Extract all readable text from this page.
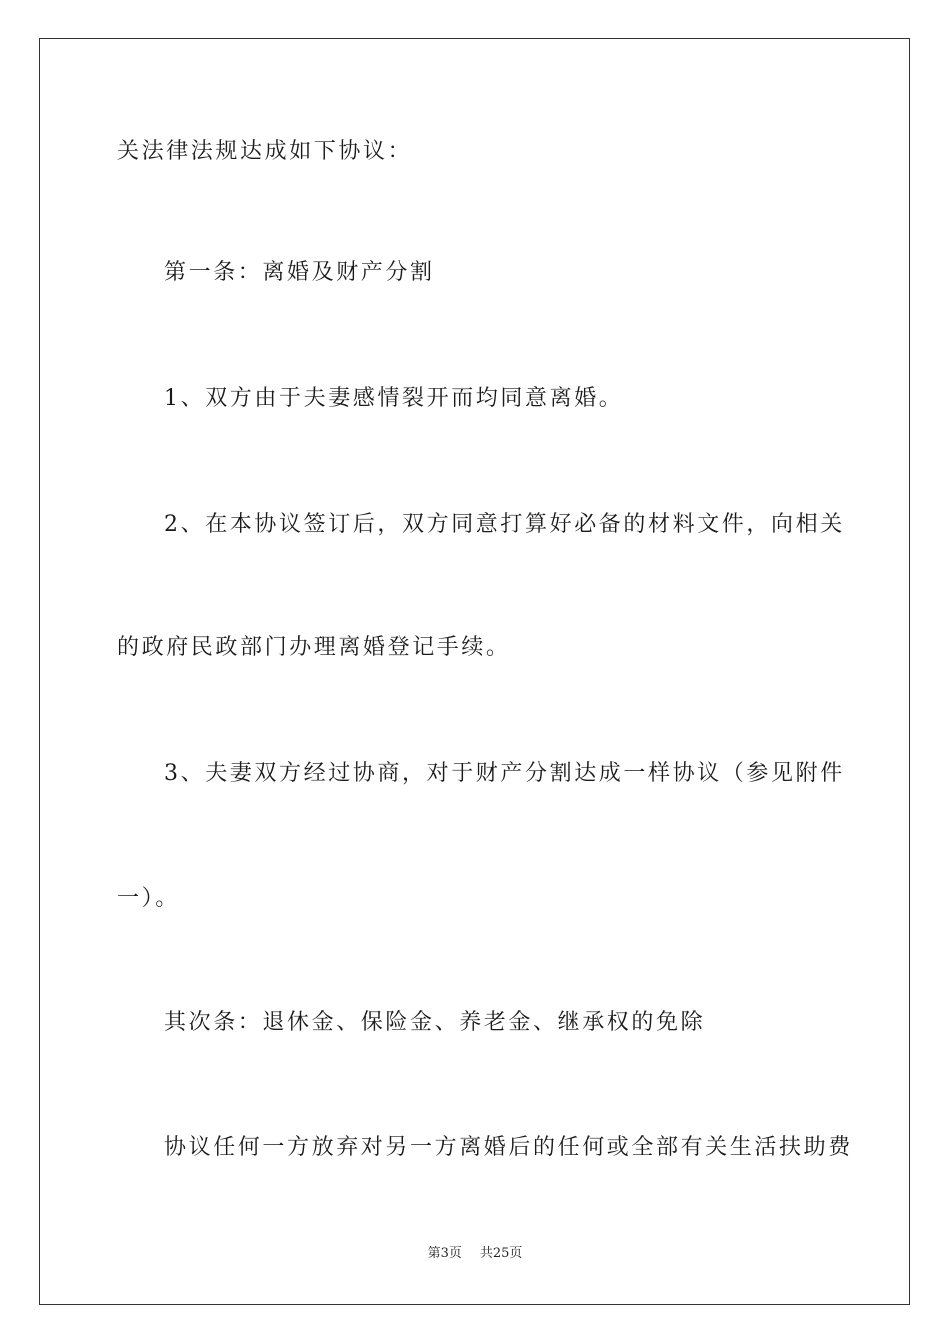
关法律法规达成如下协议：
第一条：离婚及财产分割
1、双方由于夫妻感情裂开而均同意离婚。
2、在本协议签订后，双方同意打算好必备的材料文件，向相关
的政府民政部门办理离婚登记手续。
3、夫妻双方经过协商，对于财产分割达成一样协议（参见附件
一）。
其次条：退休金、保险金、养老金、继承权的免除
协议任何一方放弃对另一方离婚后的任何或全部有关生活扶助费
第3页 共25页
